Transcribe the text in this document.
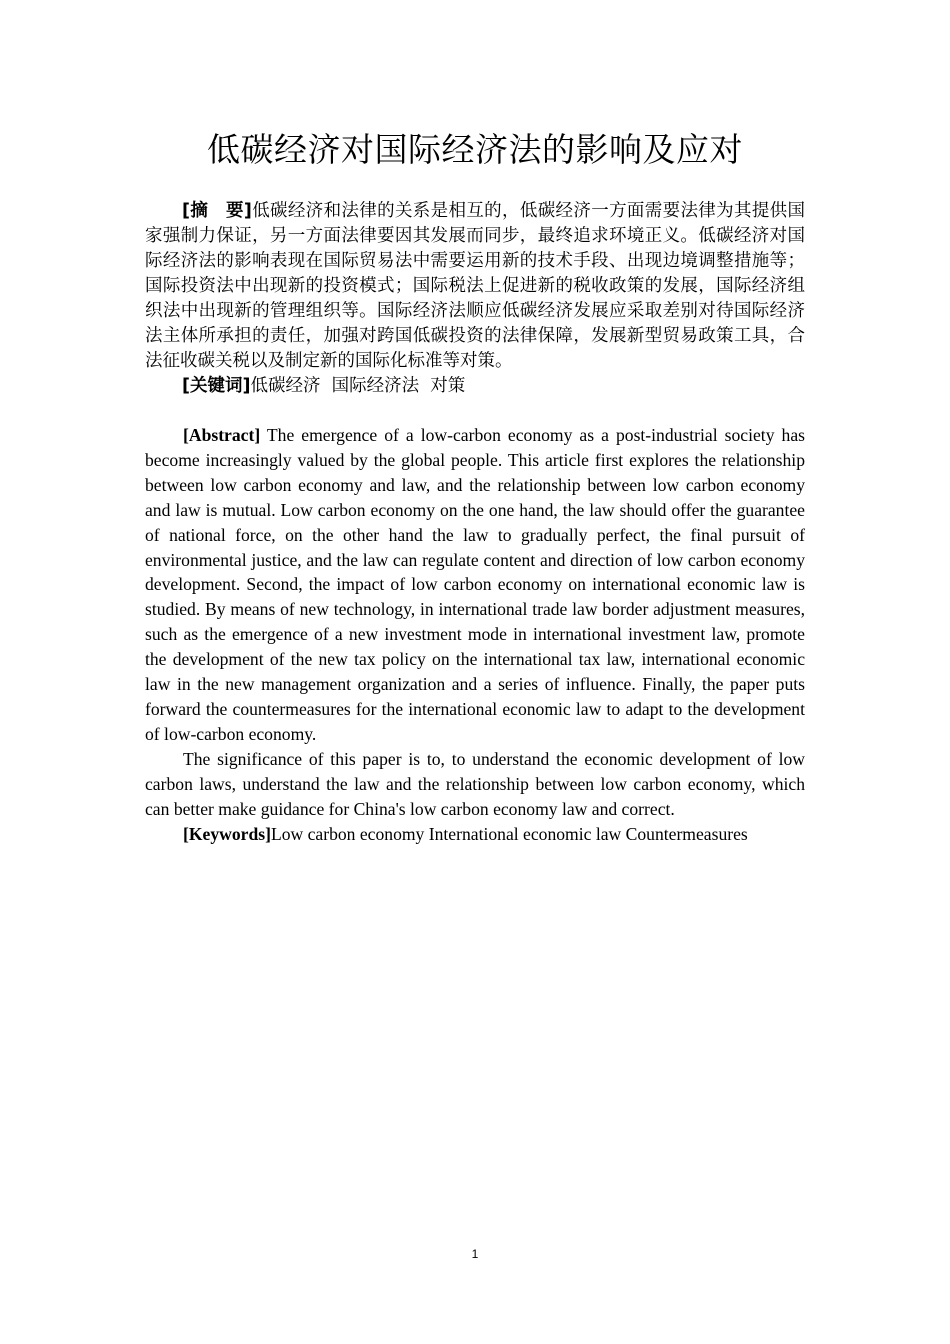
低碳经济对国际经济法的影响及应对

[摘　要]低碳经济和法律的关系是相互的，低碳经济一方面需要法律为其提供国家强制力保证，另一方面法律要因其发展而同步，最终追求环境正义。低碳经济对国际经济法的影响表现在国际贸易法中需要运用新的技术手段、出现边境调整措施等；国际投资法中出现新的投资模式；国际税法上促进新的税收政策的发展，国际经济组织法中出现新的管理组织等。国际经济法顺应低碳经济发展应采取差别对待国际经济法主体所承担的责任，加强对跨国低碳投资的法律保障，发展新型贸易政策工具，合法征收碳关税以及制定新的国际化标准等对策。

[关键词]低碳经济  国际经济法  对策

[Abstract] The emergence of a low-carbon economy as a post-industrial society has become increasingly valued by the global people. This article first explores the relationship between low carbon economy and law, and the relationship between low carbon economy and law is mutual. Low carbon economy on the one hand, the law should offer the guarantee of national force, on the other hand the law to gradually perfect, the final pursuit of environmental justice, and the law can regulate content and direction of low carbon economy development. Second, the impact of low carbon economy on international economic law is studied. By means of new technology, in international trade law border adjustment measures, such as the emergence of a new investment mode in international investment law, promote the development of the new tax policy on the international tax law, international economic law in the new management organization and a series of influence. Finally, the paper puts forward the countermeasures for the international economic law to adapt to the development of low-carbon economy.

The significance of this paper is to, to understand the economic development of low carbon laws, understand the law and the relationship between low carbon economy, which can better make guidance for China's low carbon economy law and correct.

[Keywords]Low carbon economy International economic law Countermeasures

1
